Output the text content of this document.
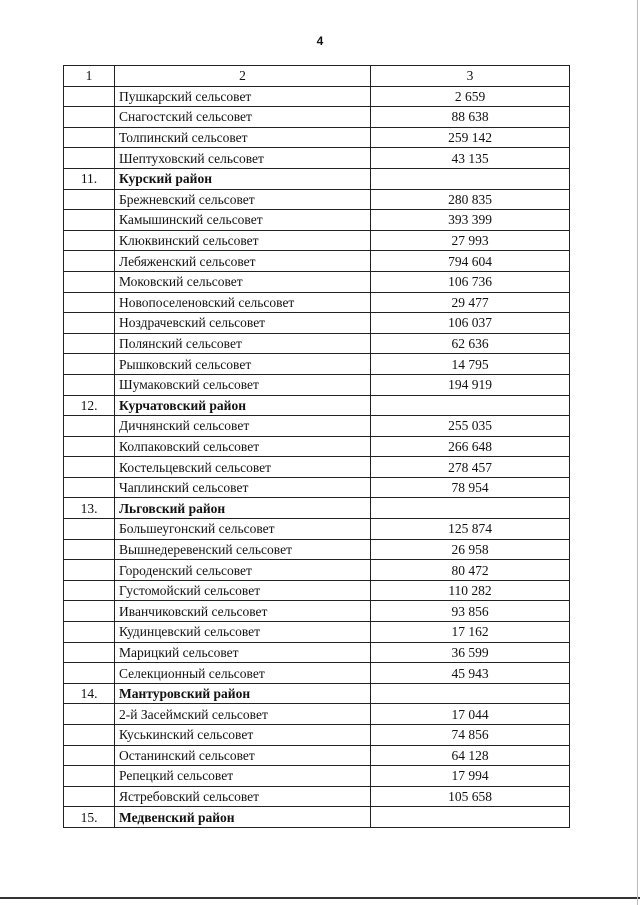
4
1	2	3
	Пушкарский сельсовет	2 659
	Снагостский сельсовет	88 638
	Толпинский сельсовет	259 142
	Шептуховский сельсовет	43 135
11.	Курский район	
	Брежневский сельсовет	280 835
	Камышинский сельсовет	393 399
	Клюквинский сельсовет	27 993
	Лебяженский сельсовет	794 604
	Моковский сельсовет	106 736
	Новопоселеновский сельсовет	29 477
	Ноздрачевский сельсовет	106 037
	Полянский сельсовет	62 636
	Рышковский сельсовет	14 795
	Шумаковский сельсовет	194 919
12.	Курчатовский район	
	Дичнянский сельсовет	255 035
	Колпаковский сельсовет	266 648
	Костельцевский сельсовет	278 457
	Чаплинский сельсовет	78 954
13.	Льговский район	
	Большеугонский сельсовет	125 874
	Вышнедеревенский сельсовет	26 958
	Городенский сельсовет	80 472
	Густомойский сельсовет	110 282
	Иванчиковский сельсовет	93 856
	Кудинцевский сельсовет	17 162
	Марицкий сельсовет	36 599
	Селекционный сельсовет	45 943
14.	Мантуровский район	
	2-й Засеймский сельсовет	17 044
	Куськинский сельсовет	74 856
	Останинский сельсовет	64 128
	Репецкий сельсовет	17 994
	Ястребовский сельсовет	105 658
15.	Медвенский район	
